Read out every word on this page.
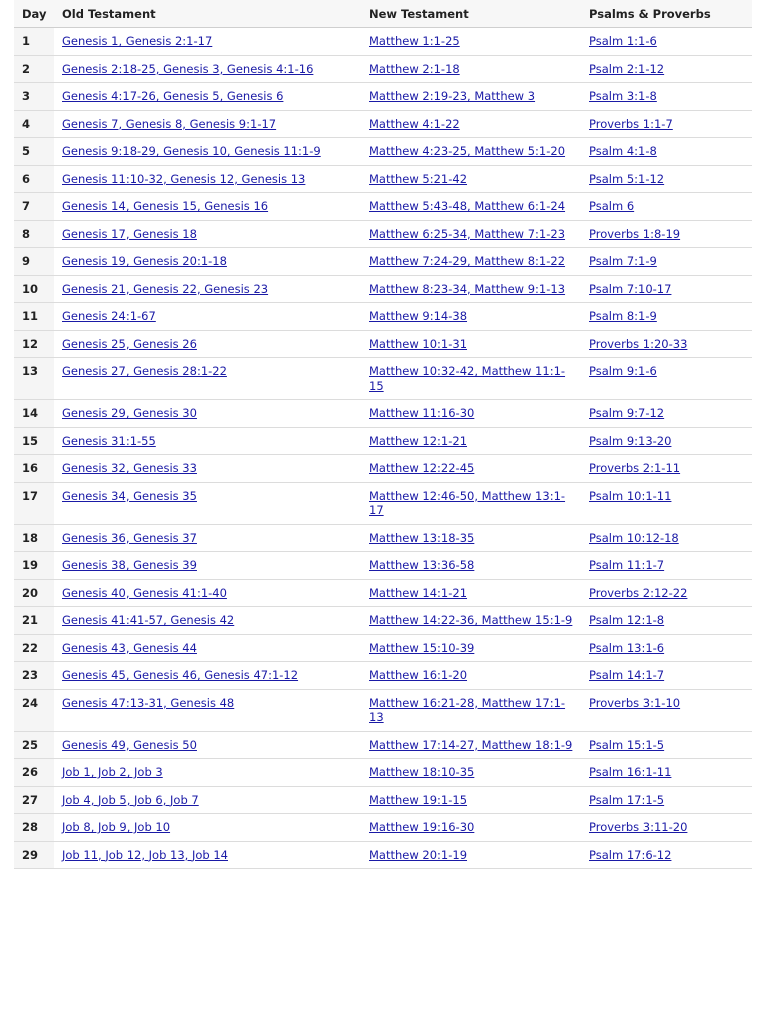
Day	Old Testament	New Testament	Psalms & Proverbs
1	Genesis 1, Genesis 2:1-17	Matthew 1:1-25	Psalm 1:1-6
2	Genesis 2:18-25, Genesis 3, Genesis 4:1-16	Matthew 2:1-18	Psalm 2:1-12
3	Genesis 4:17-26, Genesis 5, Genesis 6	Matthew 2:19-23, Matthew 3	Psalm 3:1-8
4	Genesis 7, Genesis 8, Genesis 9:1-17	Matthew 4:1-22	Proverbs 1:1-7
5	Genesis 9:18-29, Genesis 10, Genesis 11:1-9	Matthew 4:23-25, Matthew 5:1-20	Psalm 4:1-8
6	Genesis 11:10-32, Genesis 12, Genesis 13	Matthew 5:21-42	Psalm 5:1-12
7	Genesis 14, Genesis 15, Genesis 16	Matthew 5:43-48, Matthew 6:1-24	Psalm 6
8	Genesis 17, Genesis 18	Matthew 6:25-34, Matthew 7:1-23	Proverbs 1:8-19
9	Genesis 19, Genesis 20:1-18	Matthew 7:24-29, Matthew 8:1-22	Psalm 7:1-9
10	Genesis 21, Genesis 22, Genesis 23	Matthew 8:23-34, Matthew 9:1-13	Psalm 7:10-17
11	Genesis 24:1-67	Matthew 9:14-38	Psalm 8:1-9
12	Genesis 25, Genesis 26	Matthew 10:1-31	Proverbs 1:20-33
13	Genesis 27, Genesis 28:1-22	Matthew 10:32-42, Matthew 11:1-15	Psalm 9:1-6
14	Genesis 29, Genesis 30	Matthew 11:16-30	Psalm 9:7-12
15	Genesis 31:1-55	Matthew 12:1-21	Psalm 9:13-20
16	Genesis 32, Genesis 33	Matthew 12:22-45	Proverbs 2:1-11
17	Genesis 34, Genesis 35	Matthew 12:46-50, Matthew 13:1-17	Psalm 10:1-11
18	Genesis 36, Genesis 37	Matthew 13:18-35	Psalm 10:12-18
19	Genesis 38, Genesis 39	Matthew 13:36-58	Psalm 11:1-7
20	Genesis 40, Genesis 41:1-40	Matthew 14:1-21	Proverbs 2:12-22
21	Genesis 41:41-57, Genesis 42	Matthew 14:22-36, Matthew 15:1-9	Psalm 12:1-8
22	Genesis 43, Genesis 44	Matthew 15:10-39	Psalm 13:1-6
23	Genesis 45, Genesis 46, Genesis 47:1-12	Matthew 16:1-20	Psalm 14:1-7
24	Genesis 47:13-31, Genesis 48	Matthew 16:21-28, Matthew 17:1-13	Proverbs 3:1-10
25	Genesis 49, Genesis 50	Matthew 17:14-27, Matthew 18:1-9	Psalm 15:1-5
26	Job 1, Job 2, Job 3	Matthew 18:10-35	Psalm 16:1-11
27	Job 4, Job 5, Job 6, Job 7	Matthew 19:1-15	Psalm 17:1-5
28	Job 8, Job 9, Job 10	Matthew 19:16-30	Proverbs 3:11-20
29	Job 11, Job 12, Job 13, Job 14	Matthew 20:1-19	Psalm 17:6-12
